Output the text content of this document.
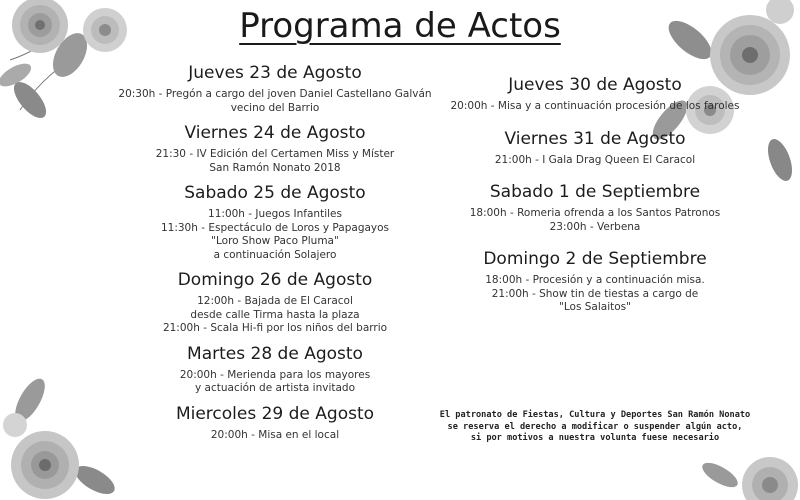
Programa de Actos

Jueves 23 de Agosto

20:30h - Pregón a cargo del joven Daniel Castellano Galván

vecino del Barrio

Viernes 24 de Agosto

21:30 - IV Edición del Certamen Miss y Míster

San Ramón Nonato 2018

Sabado 25 de Agosto

11:00h - Juegos Infantiles

11:30h - Espectáculo de Loros y Papagayos

"Loro Show Paco Pluma"

a continuación Solajero

Domingo 26 de Agosto

12:00h - Bajada de El Caracol

desde calle Tirma hasta la plaza

21:00h - Scala Hi-fi por los niños del barrio

Martes 28 de Agosto

20:00h - Merienda para los mayores

y actuación de artista invitado

Miercoles 29 de Agosto

20:00h - Misa en el local

Jueves 30 de Agosto

20:00h - Misa y a continuación procesión de los faroles

Viernes 31 de Agosto

21:00h - I Gala Drag Queen El Caracol

Sabado 1 de Septiembre

18:00h - Romeria ofrenda a los Santos Patronos

23:00h - Verbena

Domingo 2 de Septiembre

18:00h - Procesión y a continuación misa.

21:00h - Show tin de tiestas a cargo de

"Los Salaitos"

El patronato de Fiestas, Cultura y Deportes San Ramón Nonato
se reserva el derecho a modificar o suspender algún acto,
si por motivos a nuestra volunta fuese necesario
